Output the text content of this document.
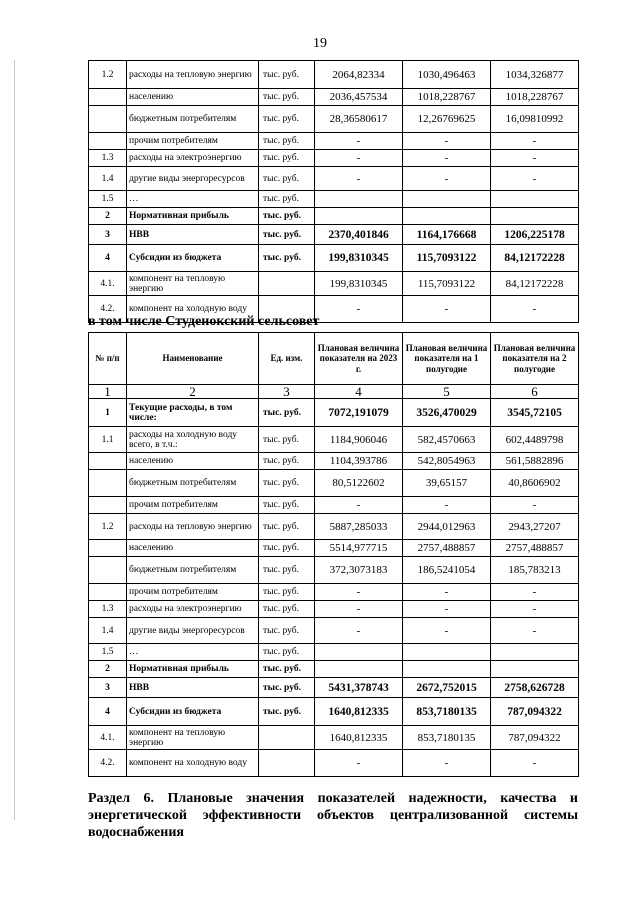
19
1.2	расходы на тепловую энергию	тыс. руб.	2064,82334	1030,496463	1034,326877
	населению	тыс. руб.	2036,457534	1018,228767	1018,228767
	бюджетным потребителям	тыс. руб.	28,36580617	12,26769625	16,09810992
	прочим потребителям	тыс. руб.	-	-	-
1.3	расходы на электроэнергию	тыс. руб.	-	-	-
1.4	другие виды энергоресурсов	тыс. руб.	-	-	-
1.5	…	тыс. руб.			
2	Нормативная прибыль	тыс. руб.			
3	НВВ	тыс. руб.	2370,401846	1164,176668	1206,225178
4	Субсидии из бюджета	тыс. руб.	199,8310345	115,7093122	84,12172228
4.1.	компонент на тепловую энергию		199,8310345	115,7093122	84,12172228
4.2.	компонент на холодную воду		-	-	-
в том числе Студенокский сельсовет
№ п/п	Наименование	Ед. изм.	Плановая величина показателя на 2023 г.	Плановая величина показателя на 1 полугодие	Плановая величина показателя на 2 полугодие
1	2	3	4	5	6
1	Текущие расходы, в том числе:	тыс. руб.	7072,191079	3526,470029	3545,72105
1.1	расходы на холодную воду всего, в т.ч.:	тыс. руб.	1184,906046	582,4570663	602,4489798
	населению	тыс. руб.	1104,393786	542,8054963	561,5882896
	бюджетным потребителям	тыс. руб.	80,5122602	39,65157	40,8606902
	прочим потребителям	тыс. руб.	-	-	-
1.2	расходы на тепловую энергию	тыс. руб.	5887,285033	2944,012963	2943,27207
	населению	тыс. руб.	5514,977715	2757,488857	2757,488857
	бюджетным потребителям	тыс. руб.	372,3073183	186,5241054	185,783213
	прочим потребителям	тыс. руб.	-	-	-
1.3	расходы на электроэнергию	тыс. руб.	-	-	-
1.4	другие виды энергоресурсов	тыс. руб.	-	-	-
1.5	…	тыс. руб.			
2	Нормативная прибыль	тыс. руб.			
3	НВВ	тыс. руб.	5431,378743	2672,752015	2758,626728
4	Субсидии из бюджета	тыс. руб.	1640,812335	853,7180135	787,094322
4.1.	компонент на тепловую энергию		1640,812335	853,7180135	787,094322
4.2.	компонент на холодную воду		-	-	-
Раздел 6. Плановые значения показателей надежности, качества и энергетической эффективности объектов централизованной системы водоснабжения
